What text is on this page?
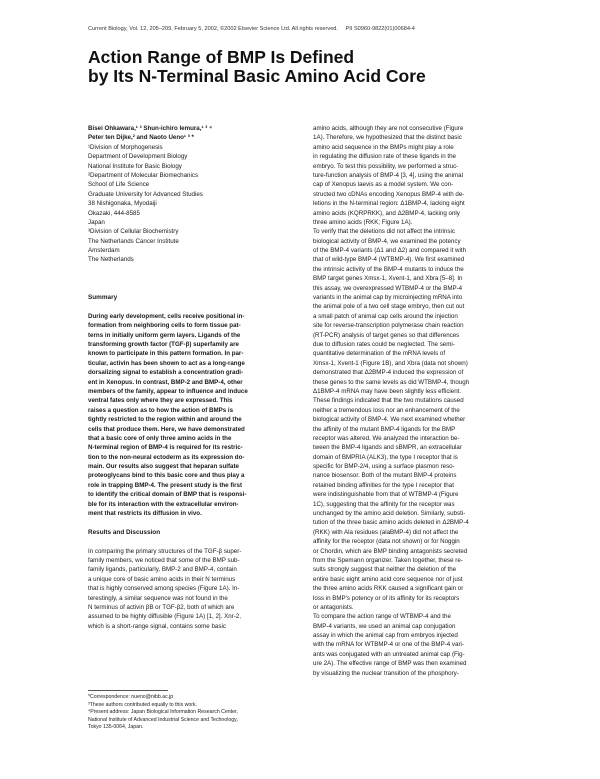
Current Biology, Vol. 12, 205–209, February 5, 2002, ©2002 Elsevier Science Ltd. All rights reserved. PII S0960-9822(01)00684-4
Action Range of BMP Is Defined
by Its N-Terminal Basic Amino Acid Core
Bisei Ohkawara,¹ ³ Shun-ichiro Iemura,¹ ³ ⁴
Peter ten Dijke,² and Naoto Ueno¹ ³ *
¹Division of Morphogenesis
Department of Development Biology
National Institute for Basic Biology
²Department of Molecular Biomechanics
School of Life Science
Graduate University for Advanced Studies
38 Nishigonaka, Myodaiji
Okazaki, 444-8585
Japan
³Division of Cellular Biochemistry
The Netherlands Cancer Institute
Amsterdam
The Netherlands
Summary
During early development, cells receive positional in-
formation from neighboring cells to form tissue pat-
terns in initially uniform germ layers. Ligands of the
transforming growth factor (TGF-β) superfamily are
known to participate in this pattern formation. In par-
ticular, activin has been shown to act as a long-range
dorsalizing signal to establish a concentration gradi-
ent in Xenopus. In contrast, BMP-2 and BMP-4, other
members of the family, appear to influence and induce
ventral fates only where they are expressed. This
raises a question as to how the action of BMPs is
tightly restricted to the region within and around the
cells that produce them. Here, we have demonstrated
that a basic core of only three amino acids in the
N-terminal region of BMP-4 is required for its restric-
tion to the non-neural ectoderm as its expression do-
main. Our results also suggest that heparan sulfate
proteoglycans bind to this basic core and thus play a
role in trapping BMP-4. The present study is the first
to identify the critical domain of BMP that is responsi-
ble for its interaction with the extracellular environ-
ment that restricts its diffusion in vivo.
Results and Discussion
In comparing the primary structures of the TGF-β super-
family members, we noticed that some of the BMP sub-
family ligands, particularly, BMP-2 and BMP-4, contain
a unique core of basic amino acids in their N terminus
that is highly conserved among species (Figure 1A). In-
terestingly, a similar sequence was not found in the
N terminus of activin βB or TGF-β2, both of which are
assumed to be highly diffusible (Figure 1A) [1, 2]. Xnr-2,
which is a short-range signal, contains some basic
*Correspondence: nueno@nibb.ac.jp
³These authors contributed equally to this work.
⁴Present address: Japan Biological Information Research Center,
National Institute of Advanced Industrial Science and Technology,
Tokyo 135-0064, Japan.
amino acids, although they are not consecutive (Figure
1A). Therefore, we hypothesized that the distinct basic
amino acid sequence in the BMPs might play a role
in regulating the diffusion rate of these ligands in the
embryo. To test this possibility, we performed a struc-
ture-function analysis of BMP-4 [3, 4], using the animal
cap of Xenopus laevis as a model system. We con-
structed two cDNAs encoding Xenopus BMP-4 with de-
letions in the N-terminal region: Δ1BMP-4, lacking eight
amino acids (KQRPRKK), and Δ2BMP-4, lacking only
three amino acids (RKK; Figure 1A).
To verify that the deletions did not affect the intrinsic
biological activity of BMP-4, we examined the potency
of the BMP-4 variants (Δ1 and Δ2) and compared it with
that of wild-type BMP-4 (WTBMP-4). We first examined
the intrinsic activity of the BMP-4 mutants to induce the
BMP target genes Xmsx-1, Xvent-1, and Xbra [5–8]. In
this assay, we overexpressed WTBMP-4 or the BMP-4
variants in the animal cap by microinjecting mRNA into
the animal pole of a two cell stage embryo, then cut out
a small patch of animal cap cells around the injection
site for reverse-transcription polymerase chain reaction
(RT-PCR) analysis of target genes so that differences
due to diffusion rates could be neglected. The semi-
quantitative determination of the mRNA levels of
Xmsx-1, Xvent-1 (Figure 1B), and Xbra (data not shown)
demonstrated that Δ2BMP-4 induced the expression of
these genes to the same levels as did WTBMP-4, though
Δ1BMP-4 mRNA may have been slightly less efficient.
These findings indicated that the two mutations caused
neither a tremendous loss nor an enhancement of the
biological activity of BMP-4. We next examined whether
the affinity of the mutant BMP-4 ligands for the BMP
receptor was altered. We analyzed the interaction be-
tween the BMP-4 ligands and sBMPR, an extracellular
domain of BMPRIA (ALK3), the type I receptor that is
specific for BMP-2/4, using a surface plasmon reso-
nance biosensor. Both of the mutant BMP-4 proteins
retained binding affinities for the type I receptor that
were indistinguishable from that of WTBMP-4 (Figure
1C), suggesting that the affinity for the receptor was
unchanged by the amino acid deletion. Similarly, substi-
tution of the three basic amino acids deleted in Δ2BMP-4
(RKK) with Ala residues (alaBMP-4) did not affect the
affinity for the receptor (data not shown) or for Noggin
or Chordin, which are BMP binding antagonists secreted
from the Spemann organizer. Taken together, these re-
sults strongly suggest that neither the deletion of the
entire basic eight amino acid core sequence nor of just
the three amino acids RKK caused a significant gain or
loss in BMP's potency or of its affinity for its receptors
or antagonists.
To compare the action range of WTBMP-4 and the
BMP-4 variants, we used an animal cap conjugation
assay in which the animal cap from embryos injected
with the mRNA for WTBMP-4 or one of the BMP-4 vari-
ants was conjugated with an untreated animal cap (Fig-
ure 2A). The effective range of BMP was then examined
by visualizing the nuclear transition of the phosphory-
